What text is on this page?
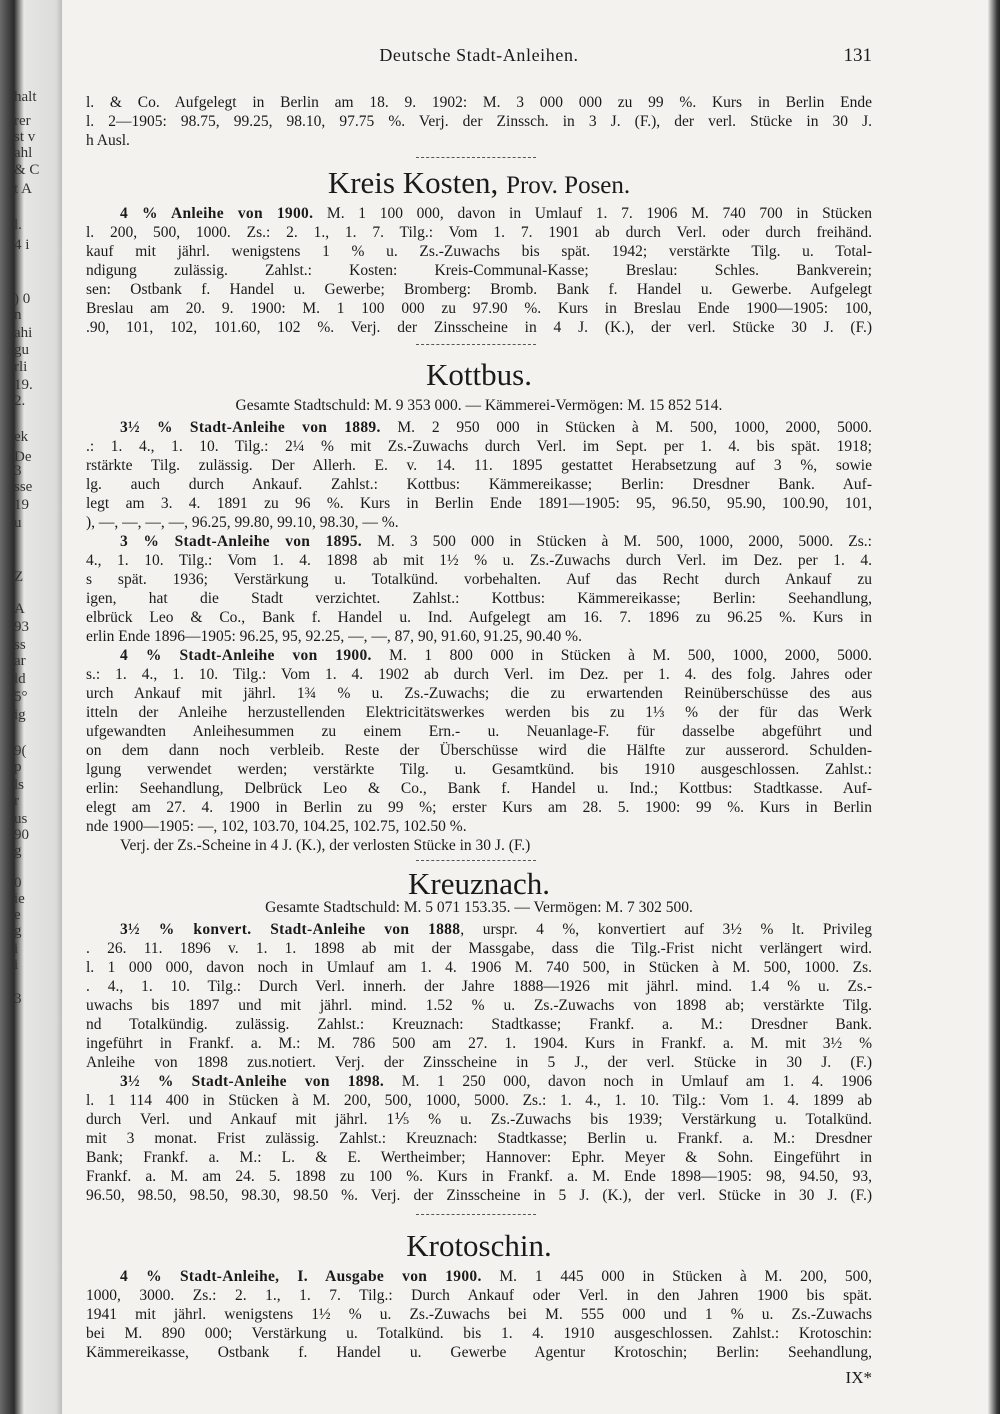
halt
rer
st v
ahl
& C
t A
l.
4 i
) 0
n
ahi
gu
rli
19.
2.
ek
De
3
sse
19
u
Z
A
93
ss
ar
ld
5°
ig
9(
p
ls
r
us
90
g
0
ie
e
g
i
i
3
Deutsche Stadt-Anleihen.	131
l. & Co. Aufgelegt in Berlin am 18. 9. 1902: M. 3 000 000 zu 99 %. Kurs in Berlin Ende
l. 2—1905: 98.75, 99.25, 98.10, 97.75 %. Verj. der Zinssch. in 3 J. (F.), der verl. Stücke in 30 J.
h Ausl.
Kreis Kosten, Prov. Posen.
4 % Anleihe von 1900. M. 1 100 000, davon in Umlauf 1. 7. 1906 M. 740 700 in Stücken
l. 200, 500, 1000. Zs.: 2. 1., 1. 7. Tilg.: Vom 1. 7. 1901 ab durch Verl. oder durch freihänd.
kauf mit jährl. wenigstens 1 % u. Zs.-Zuwachs bis spät. 1942; verstärkte Tilg. u. Total-
ndigung zulässig. Zahlst.: Kosten: Kreis-Communal-Kasse; Breslau: Schles. Bankverein;
sen: Ostbank f. Handel u. Gewerbe; Bromberg: Bromb. Bank f. Handel u. Gewerbe. Aufgelegt
Breslau am 20. 9. 1900: M. 1 100 000 zu 97.90 %. Kurs in Breslau Ende 1900—1905: 100,
.90, 101, 102, 101.60, 102 %. Verj. der Zinsscheine in 4 J. (K.), der verl. Stücke 30 J. (F.)
Kottbus.
Gesamte Stadtschuld: M. 9 353 000. — Kämmerei-Vermögen: M. 15 852 514.
3½ % Stadt-Anleihe von 1889. M. 2 950 000 in Stücken à M. 500, 1000, 2000, 5000.
.: 1. 4., 1. 10. Tilg.: 2¼ % mit Zs.-Zuwachs durch Verl. im Sept. per 1. 4. bis spät. 1918;
rstärkte Tilg. zulässig. Der Allerh. E. v. 14. 11. 1895 gestattet Herabsetzung auf 3 %, sowie
lg. auch durch Ankauf. Zahlst.: Kottbus: Kämmereikasse; Berlin: Dresdner Bank. Auf-
legt am 3. 4. 1891 zu 96 %. Kurs in Berlin Ende 1891—1905: 95, 96.50, 95.90, 100.90, 101,
), —, —, —, —, 96.25, 99.80, 99.10, 98.30, — %.
3 % Stadt-Anleihe von 1895. M. 3 500 000 in Stücken à M. 500, 1000, 2000, 5000. Zs.:
4., 1. 10. Tilg.: Vom 1. 4. 1898 ab mit 1½ % u. Zs.-Zuwachs durch Verl. im Dez. per 1. 4.
s spät. 1936; Verstärkung u. Totalkünd. vorbehalten. Auf das Recht durch Ankauf zu
igen, hat die Stadt verzichtet. Zahlst.: Kottbus: Kämmereikasse; Berlin: Seehandlung,
elbrück Leo & Co., Bank f. Handel u. Ind. Aufgelegt am 16. 7. 1896 zu 96.25 %. Kurs in
erlin Ende 1896—1905: 96.25, 95, 92.25, —, —, 87, 90, 91.60, 91.25, 90.40 %.
4 % Stadt-Anleihe von 1900. M. 1 800 000 in Stücken à M. 500, 1000, 2000, 5000.
s.: 1. 4., 1. 10. Tilg.: Vom 1. 4. 1902 ab durch Verl. im Dez. per 1. 4. des folg. Jahres oder
urch Ankauf mit jährl. 1¾ % u. Zs.-Zuwachs; die zu erwartenden Reinüberschüsse des aus
itteln der Anleihe herzustellenden Elektricitätswerkes werden bis zu 1⅓ % der für das Werk
ufgewandten Anleihesummen zu einem Ern.- u. Neuanlage-F. für dasselbe abgeführt und
on dem dann noch verbleib. Reste der Überschüsse wird die Hälfte zur ausserord. Schulden-
lgung verwendet werden; verstärkte Tilg. u. Gesamtkünd. bis 1910 ausgeschlossen. Zahlst.:
erlin: Seehandlung, Delbrück Leo & Co., Bank f. Handel u. Ind.; Kottbus: Stadtkasse. Auf-
elegt am 27. 4. 1900 in Berlin zu 99 %; erster Kurs am 28. 5. 1900: 99 %. Kurs in Berlin
nde 1900—1905: —, 102, 103.70, 104.25, 102.75, 102.50 %.
Verj. der Zs.-Scheine in 4 J. (K.), der verlosten Stücke in 30 J. (F.)
Kreuznach.
Gesamte Stadtschuld: M. 5 071 153.35. — Vermögen: M. 7 302 500.
3½ % konvert. Stadt-Anleihe von 1888, urspr. 4 %, konvertiert auf 3½ % lt. Privileg
. 26. 11. 1896 v. 1. 1. 1898 ab mit der Massgabe, dass die Tilg.-Frist nicht verlängert wird.
l. 1 000 000, davon noch in Umlauf am 1. 4. 1906 M. 740 500, in Stücken à M. 500, 1000. Zs.
. 4., 1. 10. Tilg.: Durch Verl. innerh. der Jahre 1888—1926 mit jährl. mind. 1.4 % u. Zs.-
uwachs bis 1897 und mit jährl. mind. 1.52 % u. Zs.-Zuwachs von 1898 ab; verstärkte Tilg.
nd Totalkündig. zulässig. Zahlst.: Kreuznach: Stadtkasse; Frankf. a. M.: Dresdner Bank.
ingeführt in Frankf. a. M.: M. 786 500 am 27. 1. 1904. Kurs in Frankf. a. M. mit 3½ %
Anleihe von 1898 zus.notiert. Verj. der Zinsscheine in 5 J., der verl. Stücke in 30 J. (F.)
3½ % Stadt-Anleihe von 1898. M. 1 250 000, davon noch in Umlauf am 1. 4. 1906
l. 1 114 400 in Stücken à M. 200, 500, 1000, 5000. Zs.: 1. 4., 1. 10. Tilg.: Vom 1. 4. 1899 ab
durch Verl. und Ankauf mit jährl. 1⅕ % u. Zs.-Zuwachs bis 1939; Verstärkung u. Totalkünd.
mit 3 monat. Frist zulässig. Zahlst.: Kreuznach: Stadtkasse; Berlin u. Frankf. a. M.: Dresdner
Bank; Frankf. a. M.: L. & E. Wertheimber; Hannover: Ephr. Meyer & Sohn. Eingeführt in
Frankf. a. M. am 24. 5. 1898 zu 100 %. Kurs in Frankf. a. M. Ende 1898—1905: 98, 94.50, 93,
96.50, 98.50, 98.50, 98.30, 98.50 %. Verj. der Zinsscheine in 5 J. (K.), der verl. Stücke in 30 J. (F.)
Krotoschin.
4 % Stadt-Anleihe, I. Ausgabe von 1900. M. 1 445 000 in Stücken à M. 200, 500,
1000, 3000. Zs.: 2. 1., 1. 7. Tilg.: Durch Ankauf oder Verl. in den Jahren 1900 bis spät.
1941 mit jährl. wenigstens 1½ % u. Zs.-Zuwachs bei M. 555 000 und 1 % u. Zs.-Zuwachs
bei M. 890 000; Verstärkung u. Totalkünd. bis 1. 4. 1910 ausgeschlossen. Zahlst.: Krotoschin:
Kämmereikasse, Ostbank f. Handel u. Gewerbe Agentur Krotoschin; Berlin: Seehandlung,
IX*
